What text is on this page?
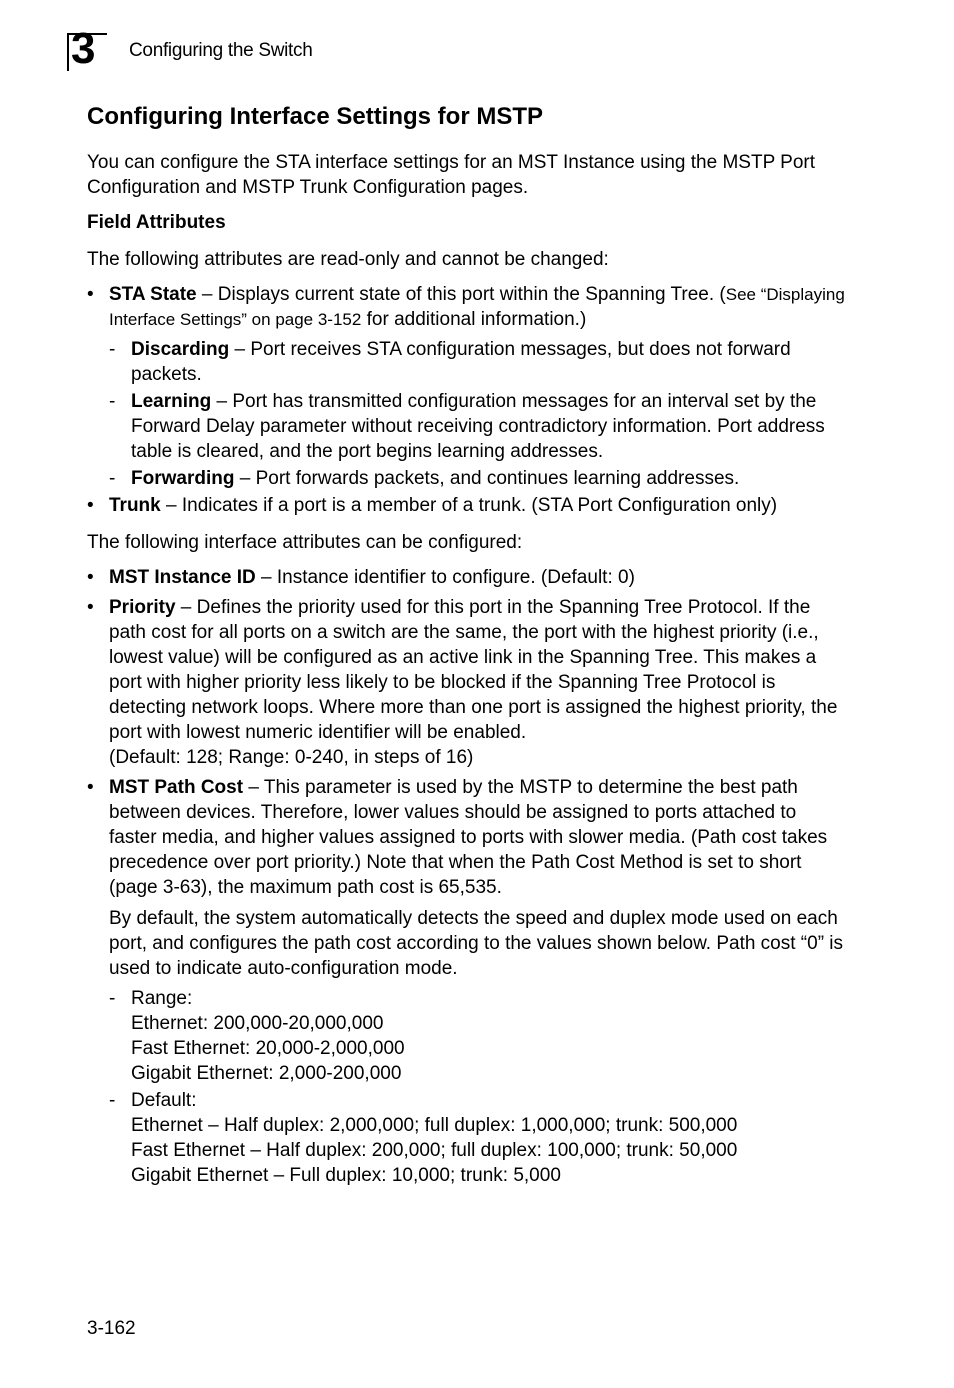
3 Configuring the Switch
Configuring Interface Settings for MSTP

You can configure the STA interface settings for an MST Instance using the MSTP Port Configuration and MSTP Trunk Configuration pages.

Field Attributes

The following attributes are read-only and cannot be changed:

• STA State – Displays current state of this port within the Spanning Tree. (See “Displaying Interface Settings” on page 3-152 for additional information.)
- Discarding – Port receives STA configuration messages, but does not forward packets.
- Learning – Port has transmitted configuration messages for an interval set by the Forward Delay parameter without receiving contradictory information. Port address table is cleared, and the port begins learning addresses.
- Forwarding – Port forwards packets, and continues learning addresses.
• Trunk – Indicates if a port is a member of a trunk. (STA Port Configuration only)

The following interface attributes can be configured:

• MST Instance ID – Instance identifier to configure. (Default: 0)
• Priority – Defines the priority used for this port in the Spanning Tree Protocol. If the path cost for all ports on a switch are the same, the port with the highest priority (i.e., lowest value) will be configured as an active link in the Spanning Tree. This makes a port with higher priority less likely to be blocked if the Spanning Tree Protocol is detecting network loops. Where more than one port is assigned the highest priority, the port with lowest numeric identifier will be enabled.
(Default: 128; Range: 0-240, in steps of 16)
• MST Path Cost – This parameter is used by the MSTP to determine the best path between devices. Therefore, lower values should be assigned to ports attached to faster media, and higher values assigned to ports with slower media. (Path cost takes precedence over port priority.) Note that when the Path Cost Method is set to short (page 3-63), the maximum path cost is 65,535.

By default, the system automatically detects the speed and duplex mode used on each port, and configures the path cost according to the values shown below. Path cost “0” is used to indicate auto-configuration mode.

- Range:
Ethernet: 200,000-20,000,000
Fast Ethernet: 20,000-2,000,000
Gigabit Ethernet: 2,000-200,000
- Default:
Ethernet – Half duplex: 2,000,000; full duplex: 1,000,000; trunk: 500,000
Fast Ethernet – Half duplex: 200,000; full duplex: 100,000; trunk: 50,000
Gigabit Ethernet – Full duplex: 10,000; trunk: 5,000
3-162
